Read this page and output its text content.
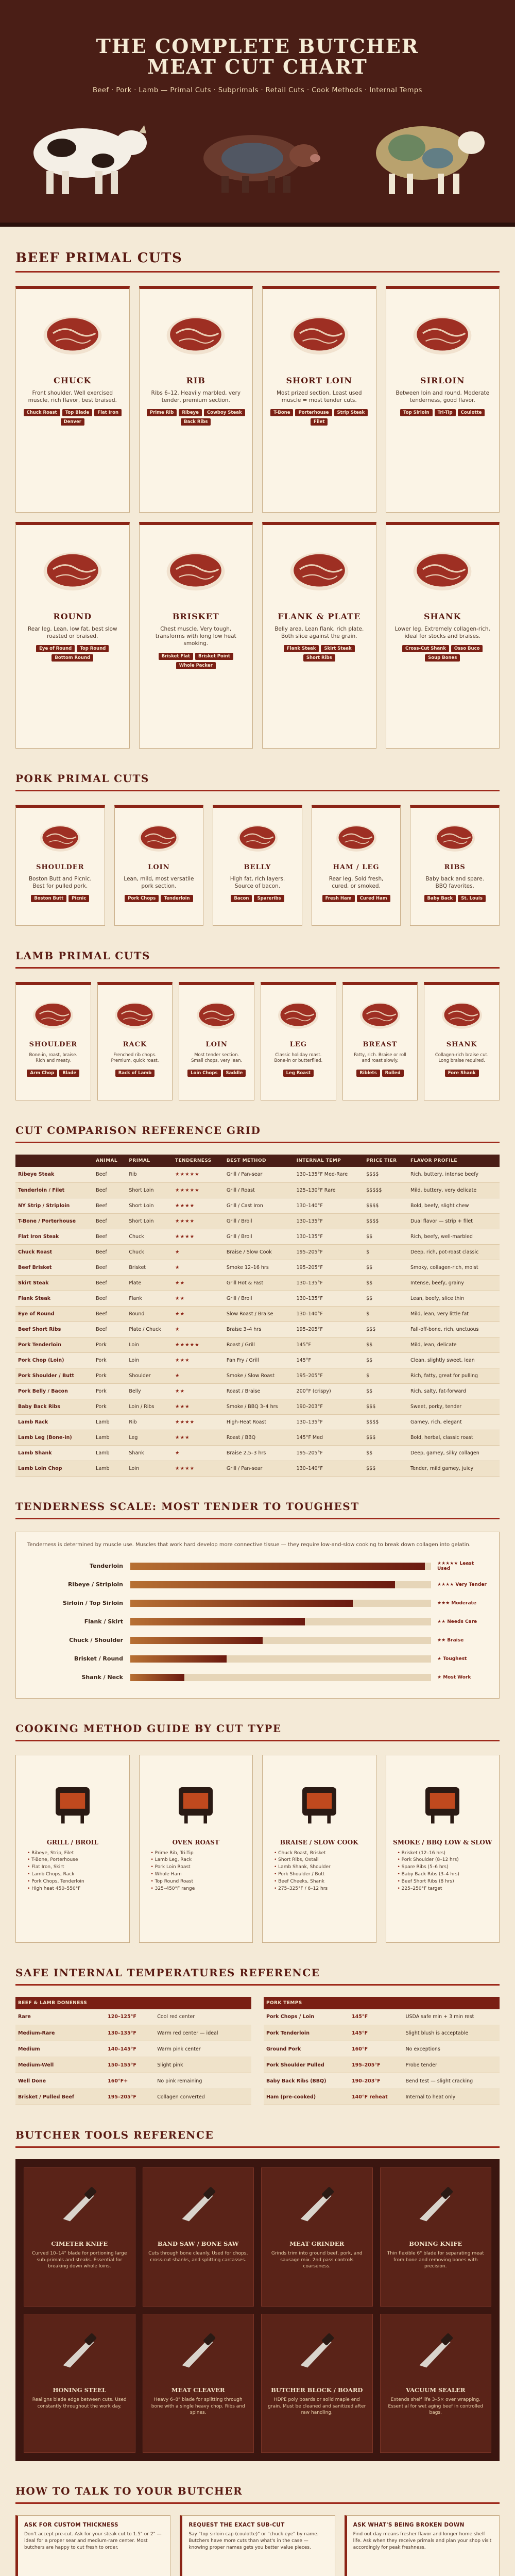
THE COMPLETE BUTCHER
MEAT CUT CHART
Beef · Pork · Lamb — Primal Cuts · Subprimals · Retail Cuts · Cook Methods · Internal Temps
BEEF PRIMAL CUTS
CHUCK
Front shoulder. Well exercised muscle, rich flavor, best braised.
Chuck Roast	Top Blade	Flat Iron
Denver
RIB
Ribs 6–12. Heavily marbled, very tender, premium section.
Prime Rib	Ribeye	Cowboy Steak
Back Ribs
SHORT LOIN
Most prized section. Least used muscle = most tender cuts.
T-Bone	Porterhouse	Strip Steak
Filet
SIRLOIN
Between loin and round. Moderate tenderness, good flavor.
Top Sirloin	Tri-Tip	Coulotte
ROUND
Rear leg. Lean, low fat, best slow roasted or braised.
Eye of Round	Top Round
Bottom Round
BRISKET
Chest muscle. Very tough, transforms with long low heat smoking.
Brisket Flat	Brisket Point
Whole Packer
FLANK & PLATE
Belly area. Lean flank, rich plate. Both slice against the grain.
Flank Steak	Skirt Steak
Short Ribs
SHANK
Lower leg. Extremely collagen-rich, ideal for stocks and braises.
Cross-Cut Shank	Osso Buco
Soup Bones
PORK PRIMAL CUTS
SHOULDER
Boston Butt and Picnic. Best for pulled pork.
Boston Butt	Picnic
LOIN
Lean, mild, most versatile pork section.
Pork Chops	Tenderloin
BELLY
High fat, rich layers. Source of bacon.
Bacon	Spareribs
HAM / LEG
Rear leg. Sold fresh, cured, or smoked.
Fresh Ham	Cured Ham
RIBS
Baby back and spare. BBQ favorites.
Baby Back	St. Louis
LAMB PRIMAL CUTS
SHOULDER
Bone-in, roast, braise. Rich and meaty.
Arm Chop	Blade
RACK
Frenched rib chops. Premium, quick roast.
Rack of Lamb
LOIN
Most tender section. Small chops, very lean.
Loin Chops	Saddle
LEG
Classic holiday roast. Bone-in or butterflied.
Leg Roast
BREAST
Fatty, rich. Braise or roll and roast slowly.
Riblets	Rolled
SHANK
Collagen-rich braise cut. Long braise required.
Fore Shank
CUT COMPARISON REFERENCE GRID
	ANIMAL	PRIMAL	TENDERNESS	BEST METHOD	INTERNAL TEMP	PRICE TIER	FLAVOR PROFILE
Ribeye Steak	Beef	Rib	★★★★★	Grill / Pan-sear	130–135°F Med-Rare	$$$$	Rich, buttery, intense beefy
Tenderloin / Filet	Beef	Short Loin	★★★★★	Grill / Roast	125–130°F Rare	$$$$$	Mild, buttery, very delicate
NY Strip / Striploin	Beef	Short Loin	★★★★	Grill / Cast Iron	130–140°F	$$$$	Bold, beefy, slight chew
T-Bone / Porterhouse	Beef	Short Loin	★★★★	Grill / Broil	130–135°F	$$$$	Dual flavor — strip + filet
Flat Iron Steak	Beef	Chuck	★★★★	Grill / Broil	130–135°F	$$	Rich, beefy, well-marbled
Chuck Roast	Beef	Chuck	★	Braise / Slow Cook	195–205°F	$	Deep, rich, pot-roast classic
Beef Brisket	Beef	Brisket	★	Smoke 12–16 hrs	195–205°F	$$	Smoky, collagen-rich, moist
Skirt Steak	Beef	Plate	★★	Grill Hot & Fast	130–135°F	$$	Intense, beefy, grainy
Flank Steak	Beef	Flank	★★	Grill / Broil	130–135°F	$$	Lean, beefy, slice thin
Eye of Round	Beef	Round	★★	Slow Roast / Braise	130–140°F	$	Mild, lean, very little fat
Beef Short Ribs	Beef	Plate / Chuck	★	Braise 3–4 hrs	195–205°F	$$$	Fall-off-bone, rich, unctuous
Pork Tenderloin	Pork	Loin	★★★★★	Roast / Grill	145°F	$$	Mild, lean, delicate
Pork Chop (Loin)	Pork	Loin	★★★	Pan Fry / Grill	145°F	$$	Clean, slightly sweet, lean
Pork Shoulder / Butt	Pork	Shoulder	★	Smoke / Slow Roast	195–205°F	$	Rich, fatty, great for pulling
Pork Belly / Bacon	Pork	Belly	★★	Roast / Braise	200°F (crispy)	$$	Rich, salty, fat-forward
Baby Back Ribs	Pork	Loin / Ribs	★★★	Smoke / BBQ 3–4 hrs	190–203°F	$$$	Sweet, porky, tender
Lamb Rack	Lamb	Rib	★★★★	High-Heat Roast	130–135°F	$$$$	Gamey, rich, elegant
Lamb Leg (Bone-in)	Lamb	Leg	★★★	Roast / BBQ	145°F Med	$$$	Bold, herbal, classic roast
Lamb Shank	Lamb	Shank	★	Braise 2.5–3 hrs	195–205°F	$$	Deep, gamey, silky collagen
Lamb Loin Chop	Lamb	Loin	★★★★	Grill / Pan-sear	130–140°F	$$$	Tender, mild gamey, juicy
TENDERNESS SCALE: MOST TENDER TO TOUGHEST

Tenderness is determined by muscle use. Muscles that work hard develop more connective tissue — they require low-and-slow cooking to break down collagen into gelatin.

Tenderloin	★★★★★ Least Used
Ribeye / Striploin	★★★★ Very Tender
Sirloin / Top Sirloin	★★★ Moderate
Flank / Skirt	★★ Needs Care
Chuck / Shoulder	★★ Braise
Brisket / Round	★ Toughest
Shank / Neck	★ Most Work
COOKING METHOD GUIDE BY CUT TYPE
GRILL / BROIL
• Ribeye, Strip, Filet
• T-Bone, Porterhouse
• Flat Iron, Skirt
• Lamb Chops, Rack
• Pork Chops, Tenderloin
• High heat 450–550°F
OVEN ROAST
• Prime Rib, Tri-Tip
• Lamb Leg, Rack
• Pork Loin Roast
• Whole Ham
• Top Round Roast
• 325–450°F range
BRAISE / SLOW COOK
• Chuck Roast, Brisket
• Short Ribs, Oxtail
• Lamb Shank, Shoulder
• Pork Shoulder / Butt
• Beef Cheeks, Shank
• 275–325°F / 6–12 hrs
SMOKE / BBQ LOW & SLOW
• Brisket (12–16 hrs)
• Pork Shoulder (8–12 hrs)
• Spare Ribs (5–6 hrs)
• Baby Back Ribs (3–4 hrs)
• Beef Short Ribs (8 hrs)
• 225–250°F target
SAFE INTERNAL TEMPERATURES REFERENCE
BEEF & LAMB DONENESS		
Rare	120–125°F	Cool red center
Medium-Rare	130–135°F	Warm red center — ideal
Medium	140–145°F	Warm pink center
Medium-Well	150–155°F	Slight pink
Well Done	160°F+	No pink remaining
Brisket / Pulled Beef	195–205°F	Collagen converted
PORK TEMPS		
Pork Chops / Loin	145°F	USDA safe min + 3 min rest
Pork Tenderloin	145°F	Slight blush is acceptable
Ground Pork	160°F	No exceptions
Pork Shoulder Pulled	195–205°F	Probe tender
Baby Back Ribs (BBQ)	190–203°F	Bend test — slight cracking
Ham (pre-cooked)	140°F reheat	Internal to heat only
BUTCHER TOOLS REFERENCE
CIMETER KNIFE
Curved 10–14" blade for portioning large sub-primals and steaks. Essential for breaking down whole loins.
BAND SAW / BONE SAW
Cuts through bone cleanly. Used for chops, cross-cut shanks, and splitting carcasses.
MEAT GRINDER
Grinds trim into ground beef, pork, and sausage mix. 2nd pass controls coarseness.
BONING KNIFE
Thin flexible 6" blade for separating meat from bone and removing bones with precision.
HONING STEEL
Realigns blade edge between cuts. Used constantly throughout the work day.
MEAT CLEAVER
Heavy 6–8" blade for splitting through bone with a single heavy chop. Ribs and spines.
BUTCHER BLOCK / BOARD
HDPE poly boards or solid maple end grain. Must be cleaned and sanitized after raw handling.
VACUUM SEALER
Extends shelf life 3–5× over wrapping. Essential for wet aging beef in controlled bags.
HOW TO TALK TO YOUR BUTCHER
ASK FOR CUSTOM THICKNESS
Don't accept pre-cut. Ask for your steak cut to 1.5" or 2" — ideal for a proper sear and medium-rare center. Most butchers are happy to cut fresh to order.
REQUEST THE EXACT SUB-CUT
Say "top sirloin cap (coulotte)" or "chuck eye" by name. Butchers have more cuts than what's in the case — knowing proper names gets you better value pieces.
ASK WHAT'S BEING BROKEN DOWN
Find out day means fresher flavor and longer home shelf life. Ask when they receive primals and plan your shop visit accordingly for peak freshness.
